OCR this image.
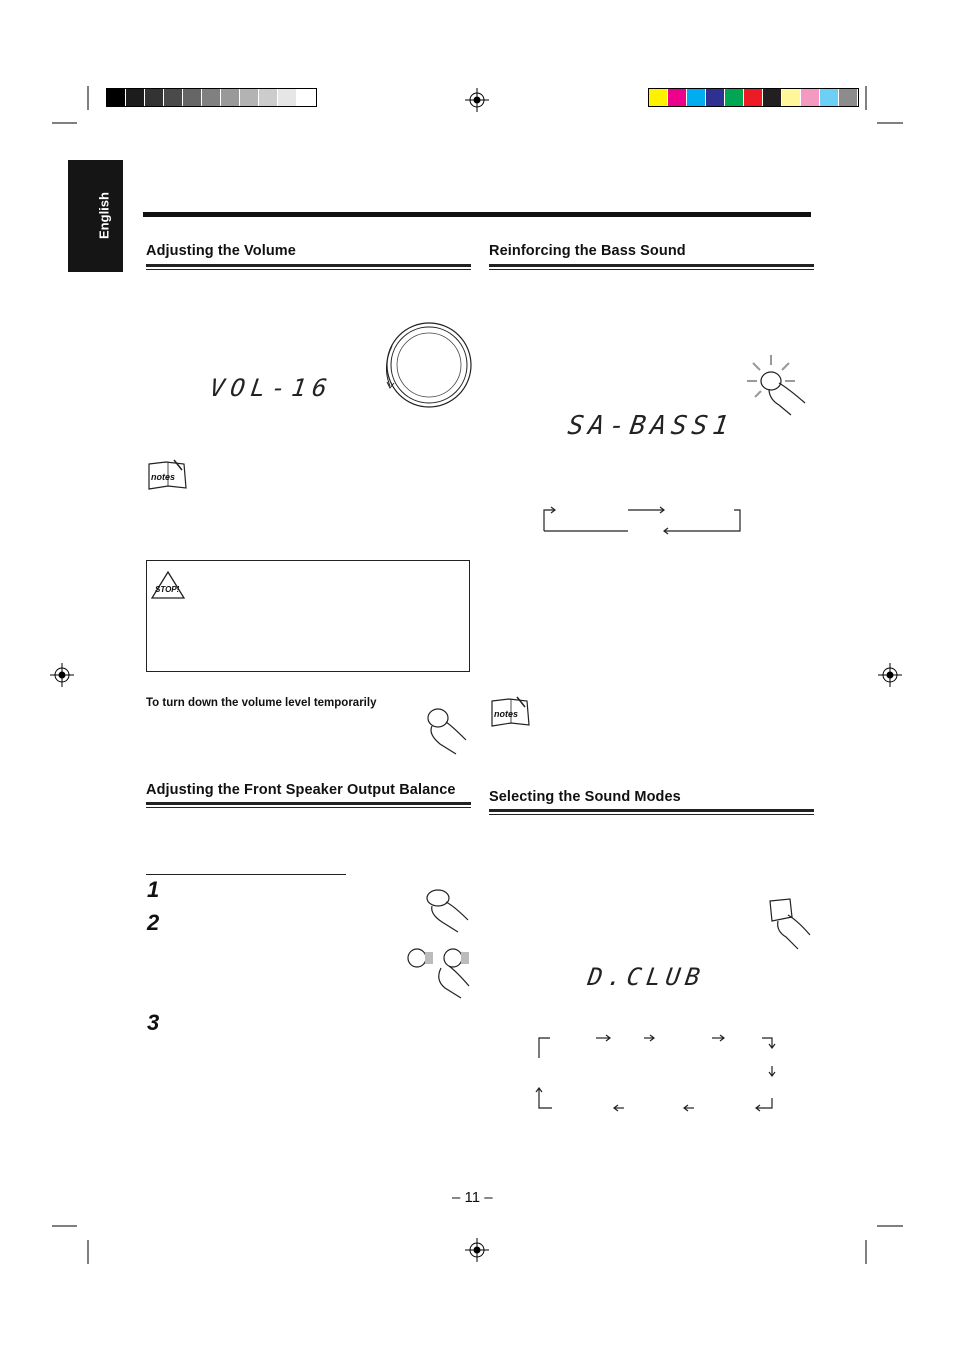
English
Adjusting the Volume
VOL-16
notes
STOP!
To turn down the volume level temporarily
Adjusting the Front Speaker Output Balance
1
2
3
Reinforcing the Bass Sound
SA-BASS1
notes
Selecting the Sound Modes
D.CLUB
– 11 –
